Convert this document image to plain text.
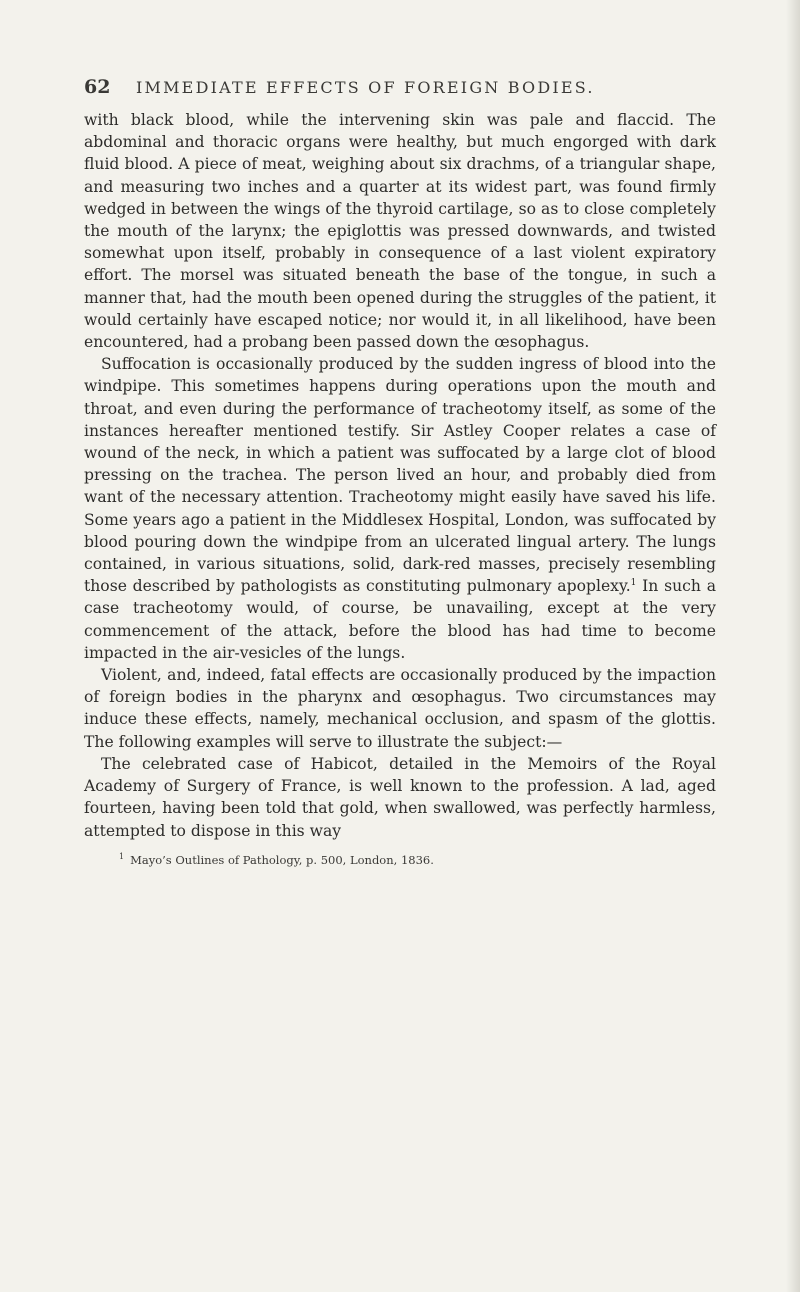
62 IMMEDIATE EFFECTS OF FOREIGN BODIES.

with black blood, while the intervening skin was pale and flaccid. The abdominal and thoracic organs were healthy, but much engorged with dark fluid blood. A piece of meat, weighing about six drachms, of a triangular shape, and measuring two inches and a quarter at its widest part, was found firmly wedged in between the wings of the thyroid cartilage, so as to close completely the mouth of the larynx; the epiglottis was pressed downwards, and twisted somewhat upon itself, probably in consequence of a last violent expiratory effort. The morsel was situated beneath the base of the tongue, in such a manner that, had the mouth been opened during the struggles of the patient, it would certainly have escaped notice; nor would it, in all likelihood, have been encountered, had a probang been passed down the œsophagus.

Suffocation is occasionally produced by the sudden ingress of blood into the windpipe. This sometimes happens during operations upon the mouth and throat, and even during the performance of tracheotomy itself, as some of the instances hereafter mentioned testify. Sir Astley Cooper relates a case of wound of the neck, in which a patient was suffocated by a large clot of blood pressing on the trachea. The person lived an hour, and probably died from want of the necessary attention. Tracheotomy might easily have saved his life. Some years ago a patient in the Middlesex Hospital, London, was suffocated by blood pouring down the windpipe from an ulcerated lingual artery. The lungs contained, in various situations, solid, dark-red masses, precisely resembling those described by pathologists as constituting pulmonary apoplexy.$^1$ In such a case tracheotomy would, of course, be unavailing, except at the very commencement of the attack, before the blood has had time to become impacted in the air-vesicles of the lungs.

Violent, and, indeed, fatal effects are occasionally produced by the impaction of foreign bodies in the pharynx and œsophagus. Two circumstances may induce these effects, namely, mechanical occlusion, and spasm of the glottis. The following examples will serve to illustrate the subject:—

The celebrated case of Habicot, detailed in the Memoirs of the Royal Academy of Surgery of France, is well known to the profession. A lad, aged fourteen, having been told that gold, when swallowed, was perfectly harmless, attempted to dispose in this way

$^1$ Mayo’s Outlines of Pathology, p. 500, London, 1836.
